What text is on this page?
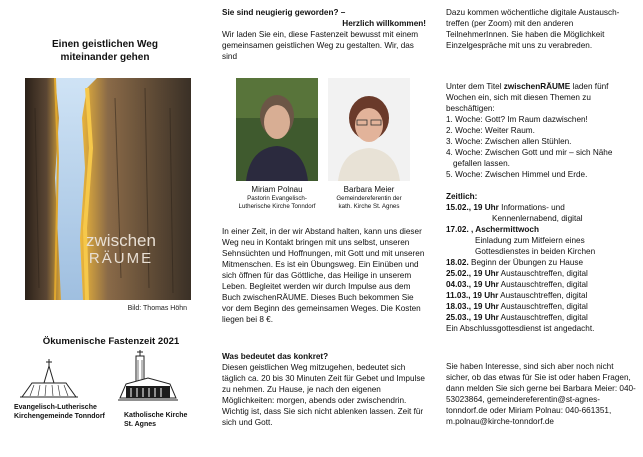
Einen geistlichen Weg
miteinander gehen
zwischen
RÄUME
Bild: Thomas Höhn
Ökumenische Fastenzeit 2021
Evangelisch-Lutherische
Kirchengemeinde Tonndorf	Katholische Kirche
St. Agnes
Sie sind neugierig geworden? –
Herzlich willkommen!
Wir laden Sie ein, diese Fastenzeit bewusst mit einem gemeinsamen geistlichen Weg zu gestalten. Wir, das sind
Miriam Polnau
Pastorin Evangelisch-
Lutherische Kirche Tonndorf
Barbara Meier
Gemeindereferentin der
kath. Kirche St. Agnes
In einer Zeit, in der wir Abstand halten, kann uns dieser Weg neu in Kontakt bringen mit uns selbst, unseren Sehnsüchten und Hoffnungen, mit Gott und mit unseren Mitmenschen. Es ist ein Übungsweg. Ein Einüben und sich öffnen für das Göttliche, das Heilige in unserem Leben. Begleitet werden wir durch Impulse aus dem Buch zwischenRÄUME. Dieses Buch bekommen Sie vor dem Beginn des gemeinsamen Weges. Die Kosten liegen bei 8 €.
Was bedeutet das konkret?
Diesen geistlichen Weg mitzugehen, bedeutet sich täglich ca. 20 bis 30 Minuten Zeit für Gebet und Impulse zu nehmen. Zu Hause, je nach den eigenen Möglichkeiten: morgen, abends oder zwischendrin. Wichtig ist, dass Sie sich nicht ablenken lassen. Zeit für sich und Gott.
Dazu kommen wöchentliche digitale Austausch-treffen (per Zoom) mit den anderen TeilnehmerInnen. Sie haben die Möglichkeit Einzelgespräche mit uns zu verabreden.
Unter dem Titel zwischenRÄUME laden fünf Wochen ein, sich mit diesen Themen zu beschäftigen:
1. Woche: Gott? Im Raum dazwischen!
2. Woche: Weiter Raum.
3. Woche: Zwischen allen Stühlen.
4. Woche: Zwischen Gott und mir – sich Nähe
gefallen lassen.
5. Woche: Zwischen Himmel und Erde.
Zeitlich:
15.02., 19 Uhr Informations- und
Kennenlernabend, digital
17.02. , Aschermittwoch
Einladung zum Mitfeiern eines
Gottesdienstes in beiden Kirchen
18.02. Beginn der Übungen zu Hause
25.02., 19 Uhr Austauschtreffen, digital
04.03., 19 Uhr Austauschtreffen, digital
11.03., 19 Uhr Austauschtreffen, digital
18.03., 19 Uhr Austauschtreffen, digital
25.03., 19 Uhr Austauschtreffen, digital
Ein Abschlussgottesdienst ist angedacht.
Sie haben Interesse, sind sich aber noch nicht sicher, ob das etwas für Sie ist oder haben Fragen, dann melden Sie sich gerne bei Barbara Meier: 040-53023864, gemeindereferentin@st-agnes-tonndorf.de oder Miriam Polnau: 040-661351, m.polnau@kirche-tonndorf.de
